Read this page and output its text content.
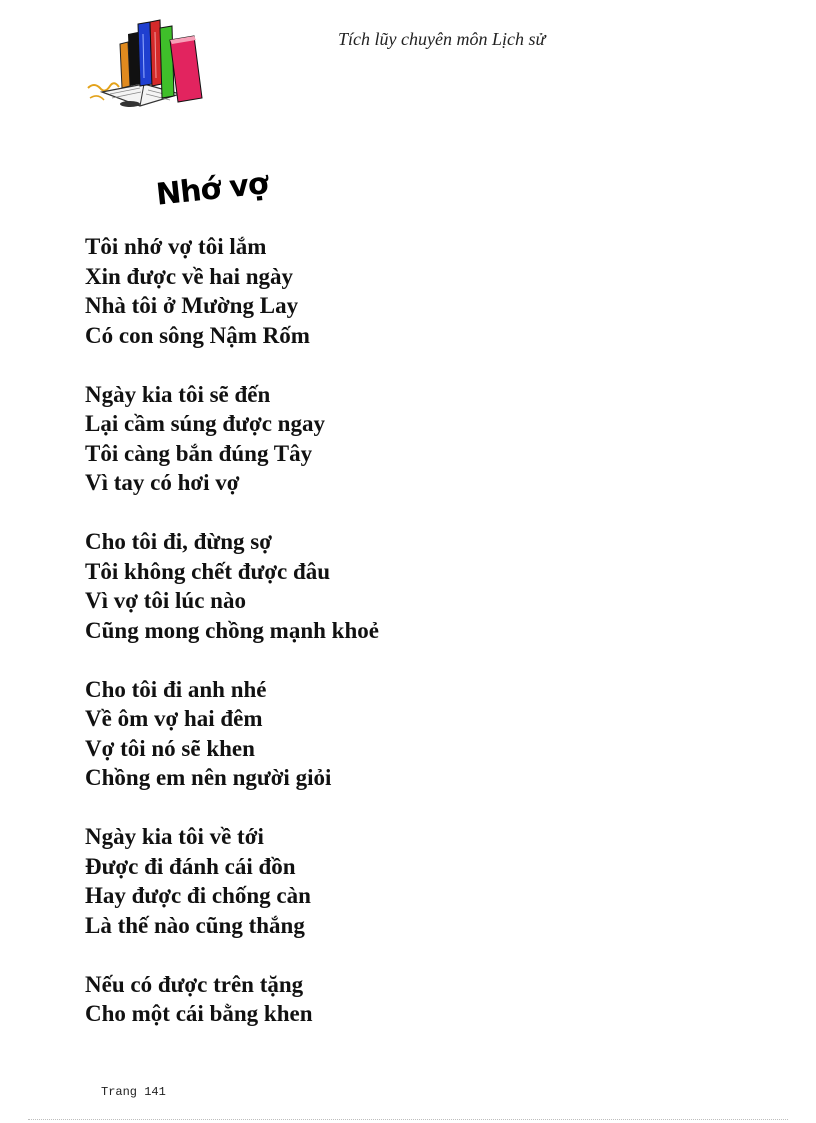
Tích lũy chuyên môn Lịch sử
Nhớ vợ
Tôi nhớ vợ tôi lắm
Xin được về hai ngày
Nhà tôi ở Mường Lay
Có con sông Nậm Rốm
Ngày kia tôi sẽ đến
Lại cầm súng được ngay
Tôi càng bắn đúng Tây
Vì tay có hơi vợ
Cho tôi đi, đừng sợ
Tôi không chết được đâu
Vì vợ tôi lúc nào
Cũng mong chồng mạnh khoẻ
Cho tôi đi anh nhé
Về ôm vợ hai đêm
Vợ tôi nó sẽ khen
Chồng em nên người giỏi
Ngày kia tôi về tới
Được đi đánh cái đồn
Hay được đi chống càn
Là thế nào cũng thắng
Nếu có được trên tặng
Cho một cái bằng khen
Trang 141
